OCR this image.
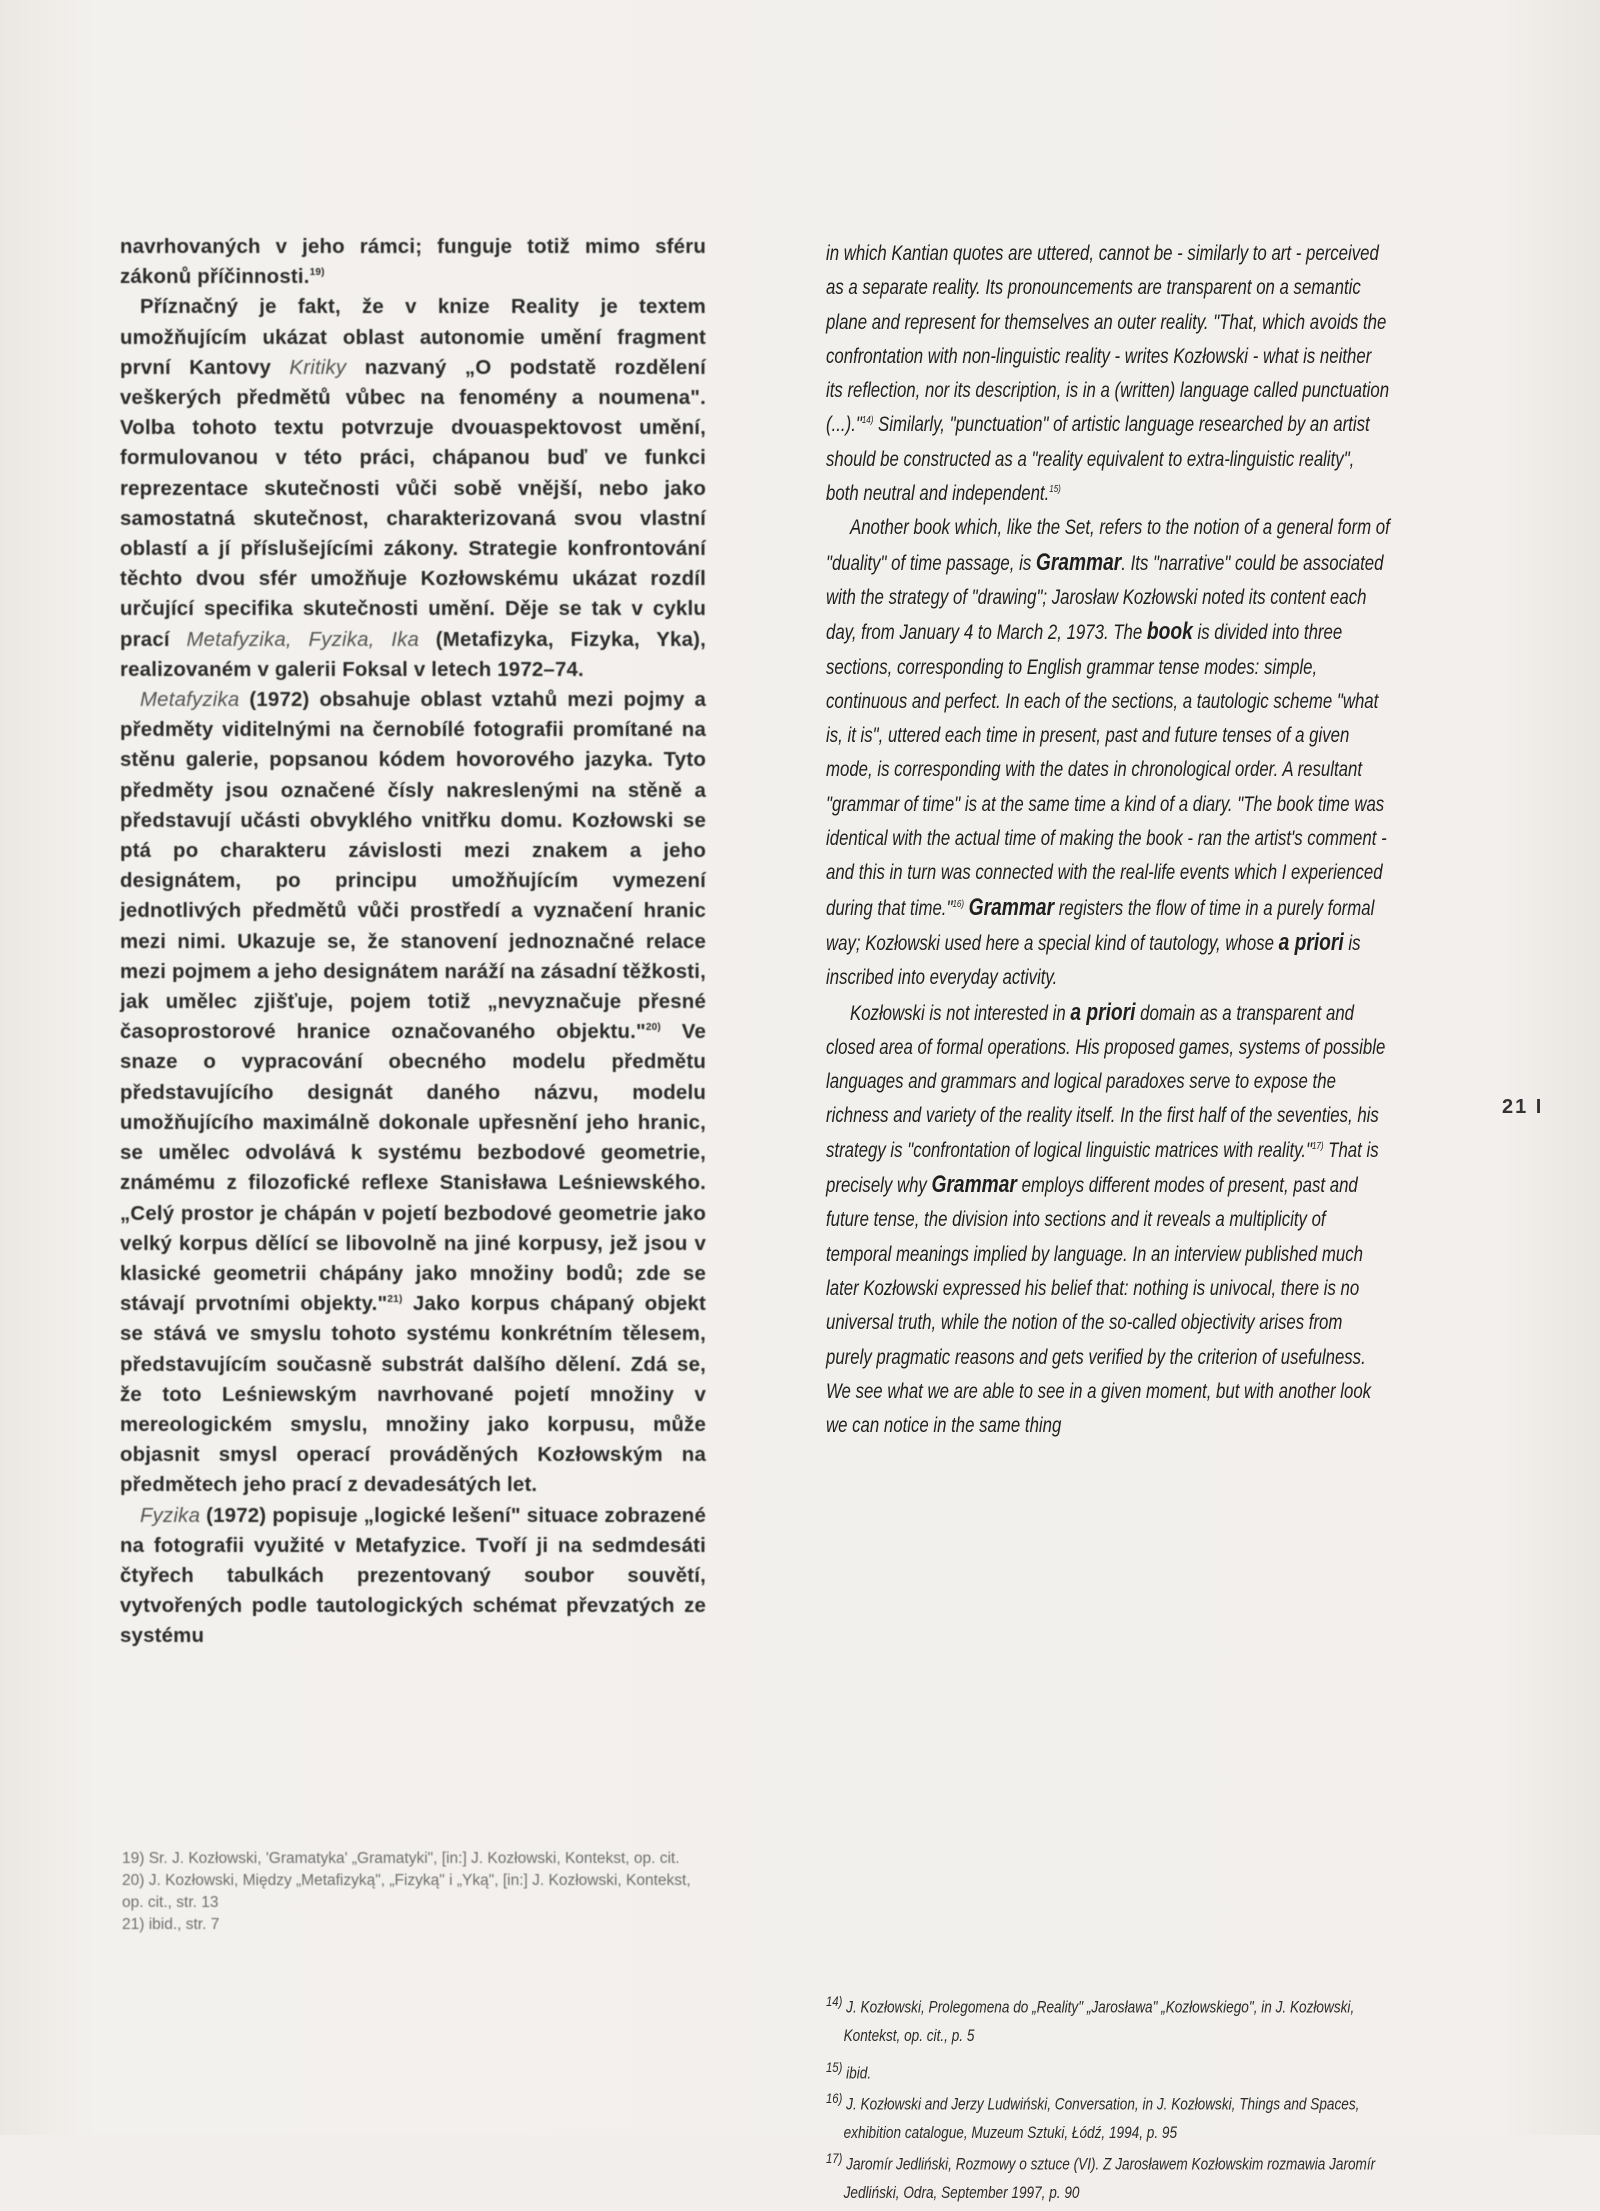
navrhovaných v jeho rámci; funguje totiž mimo sféru zákonů příčinnosti.$^{19)}$

Příznačný je fakt, že v knize Reality je textem umožňujícím ukázat oblast autonomie umění fragment první Kantovy Kritiky nazvaný „O podstatě rozdělení veškerých předmětů vůbec na fenomény a noumena". Volba tohoto textu potvrzuje dvouaspektovost umění, formulovanou v této práci, chápanou buď ve funkci reprezentace skutečnosti vůči sobě vnější, nebo jako samostatná skutečnost, charakterizovaná svou vlastní oblastí a jí příslušejícími zákony. Strategie konfrontování těchto dvou sfér umožňuje Kozłowskému ukázat rozdíl určující specifika skutečnosti umění. Děje se tak v cyklu prací Metafyzika, Fyzika, Ika (Metafizyka, Fizyka, Yka), realizovaném v galerii Foksal v letech 1972–74.

Metafyzika (1972) obsahuje oblast vztahů mezi pojmy a předměty viditelnými na černobílé fotografii promítané na stěnu galerie, popsanou kódem hovorového jazyka. Tyto předměty jsou označené čísly nakreslenými na stěně a představují učásti obvyklého vnitřku domu. Kozłowski se ptá po charakteru závislosti mezi znakem a jeho designátem, po principu umožňujícím vymezení jednotlivých předmětů vůči prostředí a vyznačení hranic mezi nimi. Ukazuje se, že stanovení jednoznačné relace mezi pojmem a jeho designátem naráží na zásadní těžkosti, jak umělec zjišťuje, pojem totiž „nevyznačuje přesné časoprostorové hranice označovaného objektu."$^{20)}$ Ve snaze o vypracování obecného modelu předmětu představujícího designát daného názvu, modelu umožňujícího maximálně dokonale upřesnění jeho hranic, se umělec odvolává k systému bezbodové geometrie, známému z filozofické reflexe Stanisława Leśniewského. „Celý prostor je chápán v pojetí bezbodové geometrie jako velký korpus dělící se libovolně na jiné korpusy, jež jsou v klasické geometrii chápány jako množiny bodů; zde se stávají prvotními objekty."$^{21)}$ Jako korpus chápaný objekt se stává ve smyslu tohoto systému konkrétním tělesem, představujícím současně substrát dalšího dělení. Zdá se, že toto Leśniewským navrhované pojetí množiny v mereologickém smyslu, množiny jako korpusu, může objasnit smysl operací prováděných Kozłowským na předmětech jeho prací z devadesátých let.

Fyzika (1972) popisuje „logické lešení" situace zobrazené na fotografii využité v Metafyzice. Tvoří ji na sedmdesáti čtyřech tabulkách prezentovaný soubor souvětí, vytvořených podle tautologických schémat převzatých ze systému

19) Sr. J. Kozłowski, 'Gramatyka' „Gramatyki", [in:] J. Kozłowski, Kontekst, op. cit.
20) J. Kozłowski, Między „Metafizyką", „Fizyką" i „Yką", [in:] J. Kozłowski, Kontekst, op. cit., str. 13
21) ibid., str. 7

in which Kantian quotes are uttered, cannot be - similarly to art - perceived as a separate reality. Its pronouncements are transparent on a semantic plane and represent for themselves an outer reality. "That, which avoids the confrontation with non-linguistic reality - writes Kozłowski - what is neither its reflection, nor its description, is in a (written) language called punctuation (...)."$^{14)}$ Similarly, "punctuation" of artistic language researched by an artist should be constructed as a "reality equivalent to extra-linguistic reality", both neutral and independent.$^{15)}$

Another book which, like the Set, refers to the notion of a general form of "duality" of time passage, is Grammar. Its "narrative" could be associated with the strategy of "drawing"; Jarosław Kozłowski noted its content each day, from January 4 to March 2, 1973. The book is divided into three sections, corresponding to English grammar tense modes: simple, continuous and perfect. In each of the sections, a tautologic scheme "what is, it is", uttered each time in present, past and future tenses of a given mode, is corresponding with the dates in chronological order. A resultant "grammar of time" is at the same time a kind of a diary. "The book time was identical with the actual time of making the book - ran the artist's comment - and this in turn was connected with the real-life events which I experienced during that time."$^{16)}$ Grammar registers the flow of time in a purely formal way; Kozłowski used here a special kind of tautology, whose a priori is inscribed into everyday activity.

Kozłowski is not interested in a priori domain as a transparent and closed area of formal operations. His proposed games, systems of possible languages and grammars and logical paradoxes serve to expose the richness and variety of the reality itself. In the first half of the seventies, his strategy is "confrontation of logical linguistic matrices with reality."$^{17)}$ That is precisely why Grammar employs different modes of present, past and future tense, the division into sections and it reveals a multiplicity of temporal meanings implied by language. In an interview published much later Kozłowski expressed his belief that: nothing is univocal, there is no universal truth, while the notion of the so-called objectivity arises from purely pragmatic reasons and gets verified by the criterion of usefulness. We see what we are able to see in a given moment, but with another look we can notice in the same thing

$^{14)}$ J. Kozłowski, Prolegomena do „Reality" „Jarosława" „Kozłowskiego", in J. Kozłowski, Kontekst, op. cit., p. 5
$^{15)}$ ibid.
$^{16)}$ J. Kozłowski and Jerzy Ludwiński, Conversation, in J. Kozłowski, Things and Spaces, exhibition catalogue, Muzeum Sztuki, Łódź, 1994, p. 95
$^{17)}$ Jaromír Jedliński, Rozmowy o sztuce (VI). Z Jarosławem Kozłowskim rozmawia Jaromír Jedliński, Odra, September 1997, p. 90
21 I
